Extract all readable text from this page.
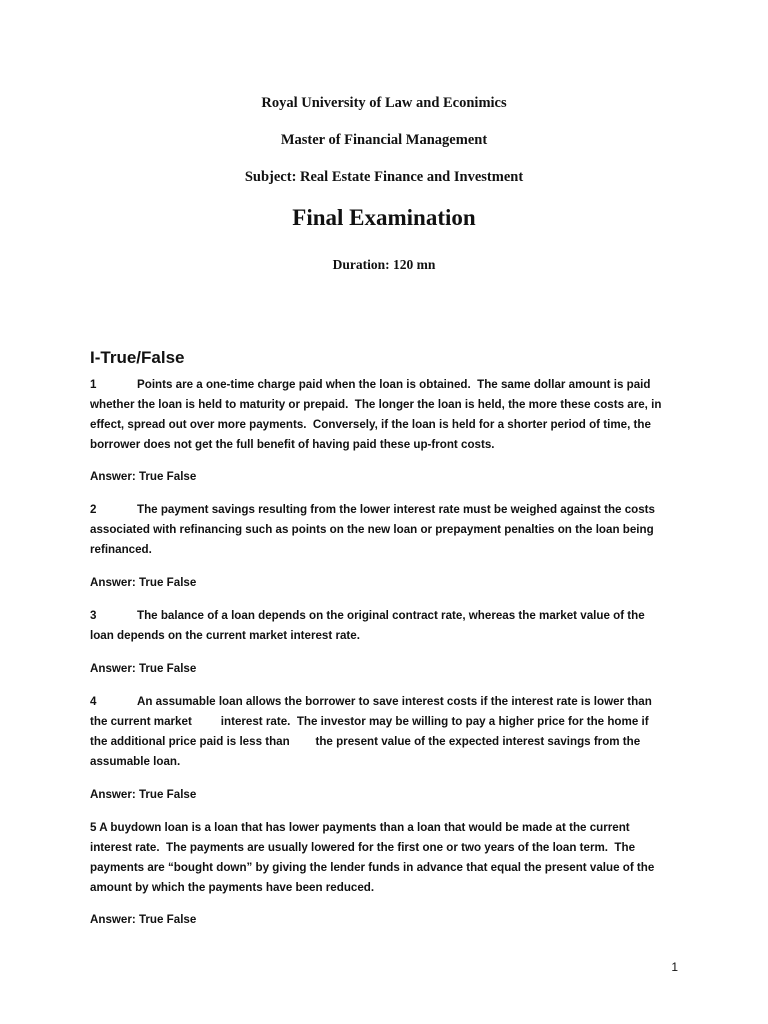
Royal University of Law and Econimics
Master of Financial Management
Subject: Real Estate Finance and Investment
Final Examination
Duration: 120 mn
I-True/False
1	Points are a one-time charge paid when the loan is obtained.  The same dollar amount is paid
whether the loan is held to maturity or prepaid.  The longer the loan is held, the more these costs are, in
effect, spread out over more payments.  Conversely, if the loan is held for a shorter period of time, the
borrower does not get the full benefit of having paid these up-front costs.
Answer: True False
2	The payment savings resulting from the lower interest rate must be weighed against the costs
associated with refinancing such as points on the new loan or prepayment penalties on the loan being
refinanced.
Answer: True False
3	The balance of a loan depends on the original contract rate, whereas the market value of the
loan depends on the current market interest rate.
Answer: True False
4	An assumable loan allows the borrower to save interest costs if the interest rate is lower than
the current market         interest rate.  The investor may be willing to pay a higher price for the home if
the additional price paid is less than        the present value of the expected interest savings from the
assumable loan.
Answer: True False
5 A buydown loan is a loan that has lower payments than a loan that would be made at the current
interest rate.  The payments are usually lowered for the first one or two years of the loan term.  The
payments are “bought down” by giving the lender funds in advance that equal the present value of the
amount by which the payments have been reduced.
Answer: True False
1
